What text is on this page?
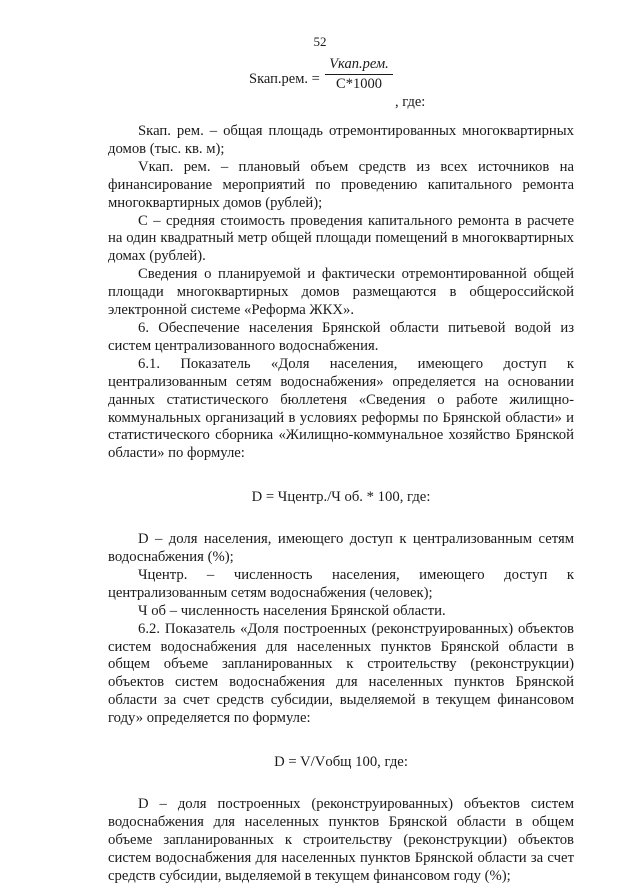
52
Sкап.рем. =
Vкап.рем.
С*1000
, где:

Sкап. рем. – общая площадь отремонтированных многоквартирных домов (тыс. кв. м);

Vкап. рем. – плановый объем средств из всех источников на финансирование мероприятий по проведению капитального ремонта многоквартирных домов (рублей);

С – средняя стоимость проведения капитального ремонта в расчете на один квадратный метр общей площади помещений в многоквартирных домах (рублей).

Сведения о планируемой и фактически отремонтированной общей площади многоквартирных домов размещаются в общероссийской электронной системе «Реформа ЖКХ».

6. Обеспечение населения Брянской области питьевой водой из систем централизованного водоснабжения.

6.1. Показатель «Доля населения, имеющего доступ к централизованным сетям водоснабжения» определяется на основании данных статистического бюллетеня «Сведения о работе жилищно-коммунальных организаций в условиях реформы по Брянской области» и статистического сборника «Жилищно-коммунальное хозяйство Брянской области» по формуле:

D = Чцентр./Ч об. * 100, где:

D – доля населения, имеющего доступ к централизованным сетям водоснабжения (%);

Чцентр. – численность населения, имеющего доступ к централизованным сетям водоснабжения (человек);

Ч об – численность населения Брянской области.

6.2. Показатель «Доля построенных (реконструированных) объектов систем водоснабжения для населенных пунктов Брянской области в общем объеме запланированных к строительству (реконструкции) объектов систем водоснабжения для населенных пунктов Брянской области за счет средств субсидии, выделяемой в текущем финансовом году» определяется по формуле:

D = V/Vобщ 100, где:

D – доля построенных (реконструированных) объектов систем водоснабжения для населенных пунктов Брянской области в общем объеме запланированных к строительству (реконструкции) объектов систем водоснабжения для населенных пунктов Брянской области за счет средств субсидии, выделяемой в текущем финансовом году (%);
